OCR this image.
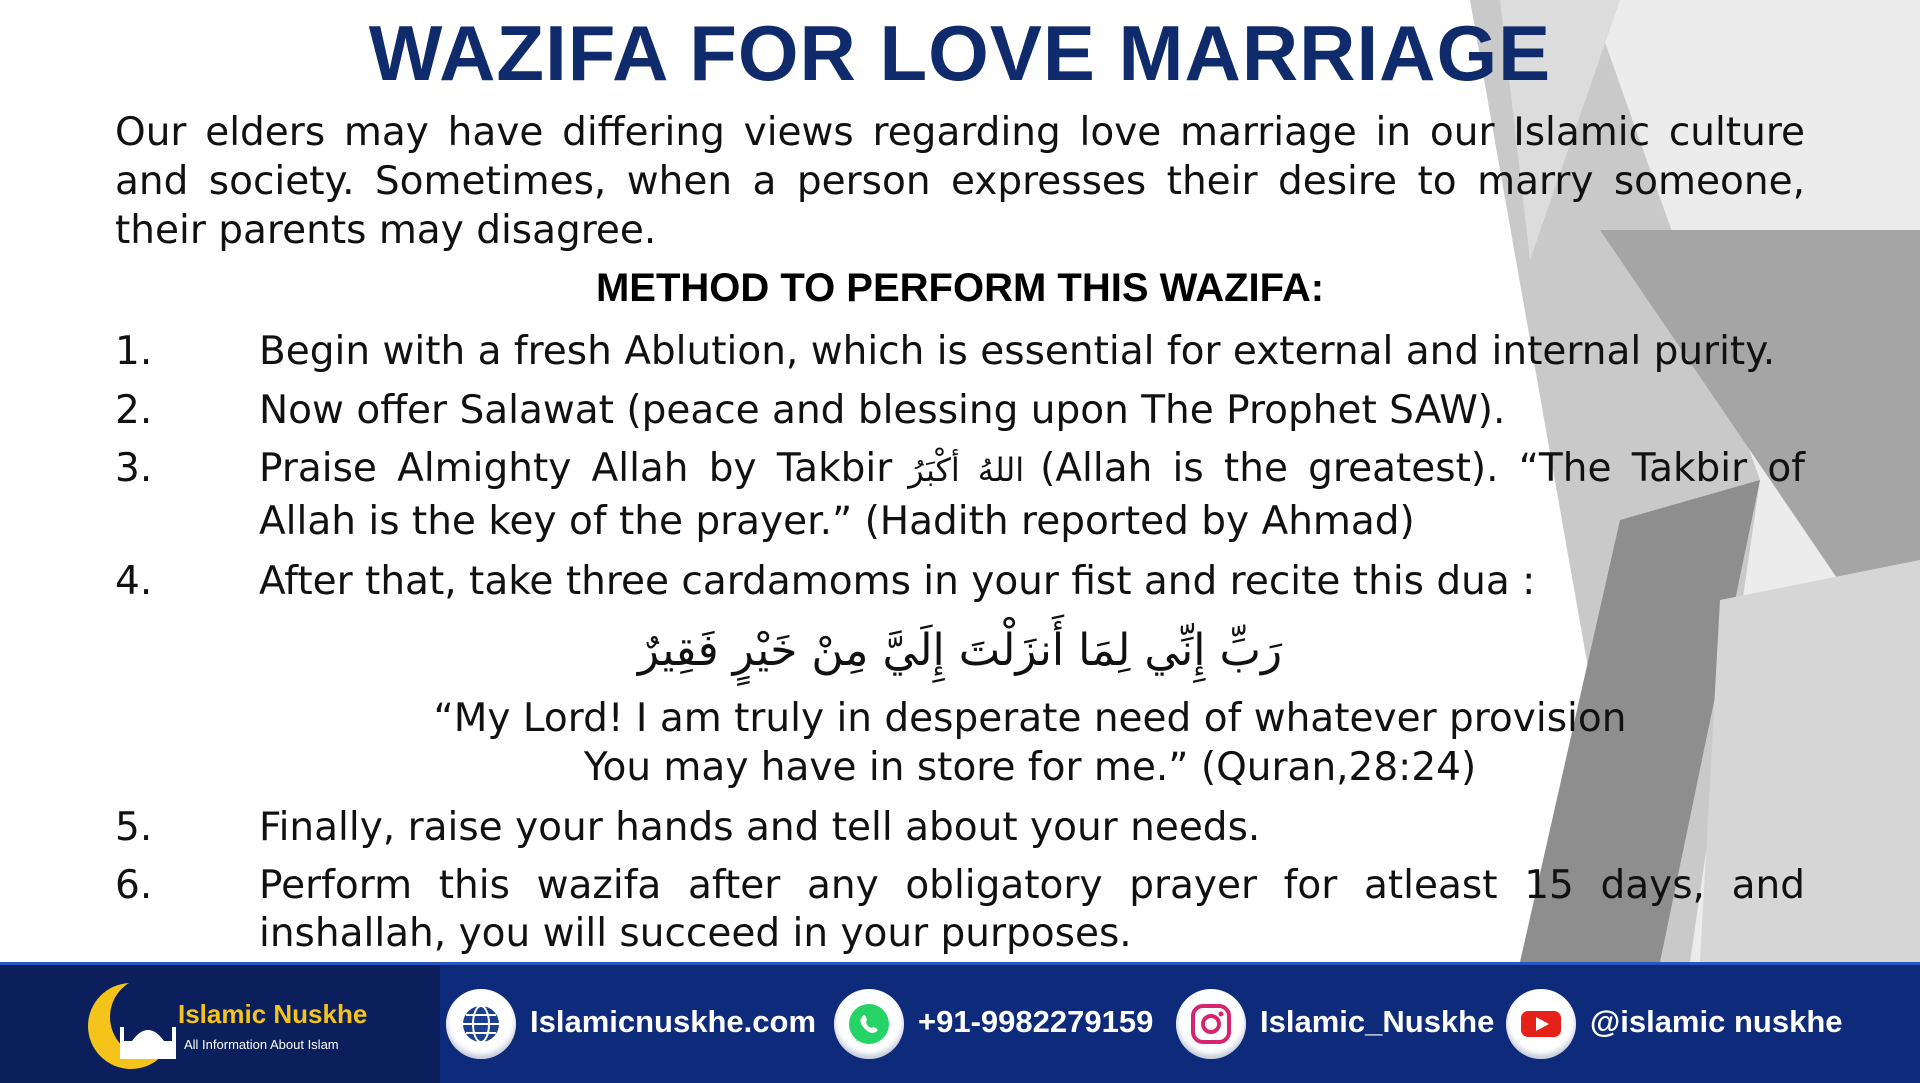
WAZIFA FOR LOVE MARRIAGE
Our elders may have differing views regarding love marriage in our Islamic culture and society. Sometimes, when a person expresses their desire to marry someone, their parents may disagree.
METHOD TO PERFORM THIS WAZIFA:
1.	Begin with a fresh Ablution, which is essential for external and internal purity.
2.	Now offer Salawat (peace and blessing upon The Prophet SAW).
3.	Praise Almighty Allah by Takbir اللهُ أكْبَرُ (Allah is the greatest). “The Takbir of Allah is the key of the prayer.” (Hadith reported by Ahmad)
4.	After that, take three cardamoms in your fist and recite this dua :
رَبِّ إِنِّي لِمَا أَنزَلْتَ إِلَيَّ مِنْ خَيْرٍ فَقِيرٌ
“My Lord! I am truly in desperate need of whatever provision
You may have in store for me.” (Quran,28:24)
5.	Finally, raise your hands and tell about your needs.
6.	Perform this wazifa after any obligatory prayer for atleast 15 days, and inshallah, you will succeed in your purposes.
Islamic Nuskhe
All Information About Islam
Islamicnuskhe.com	+91-9982279159	Islamic_Nuskhe	@islamic nuskhe
